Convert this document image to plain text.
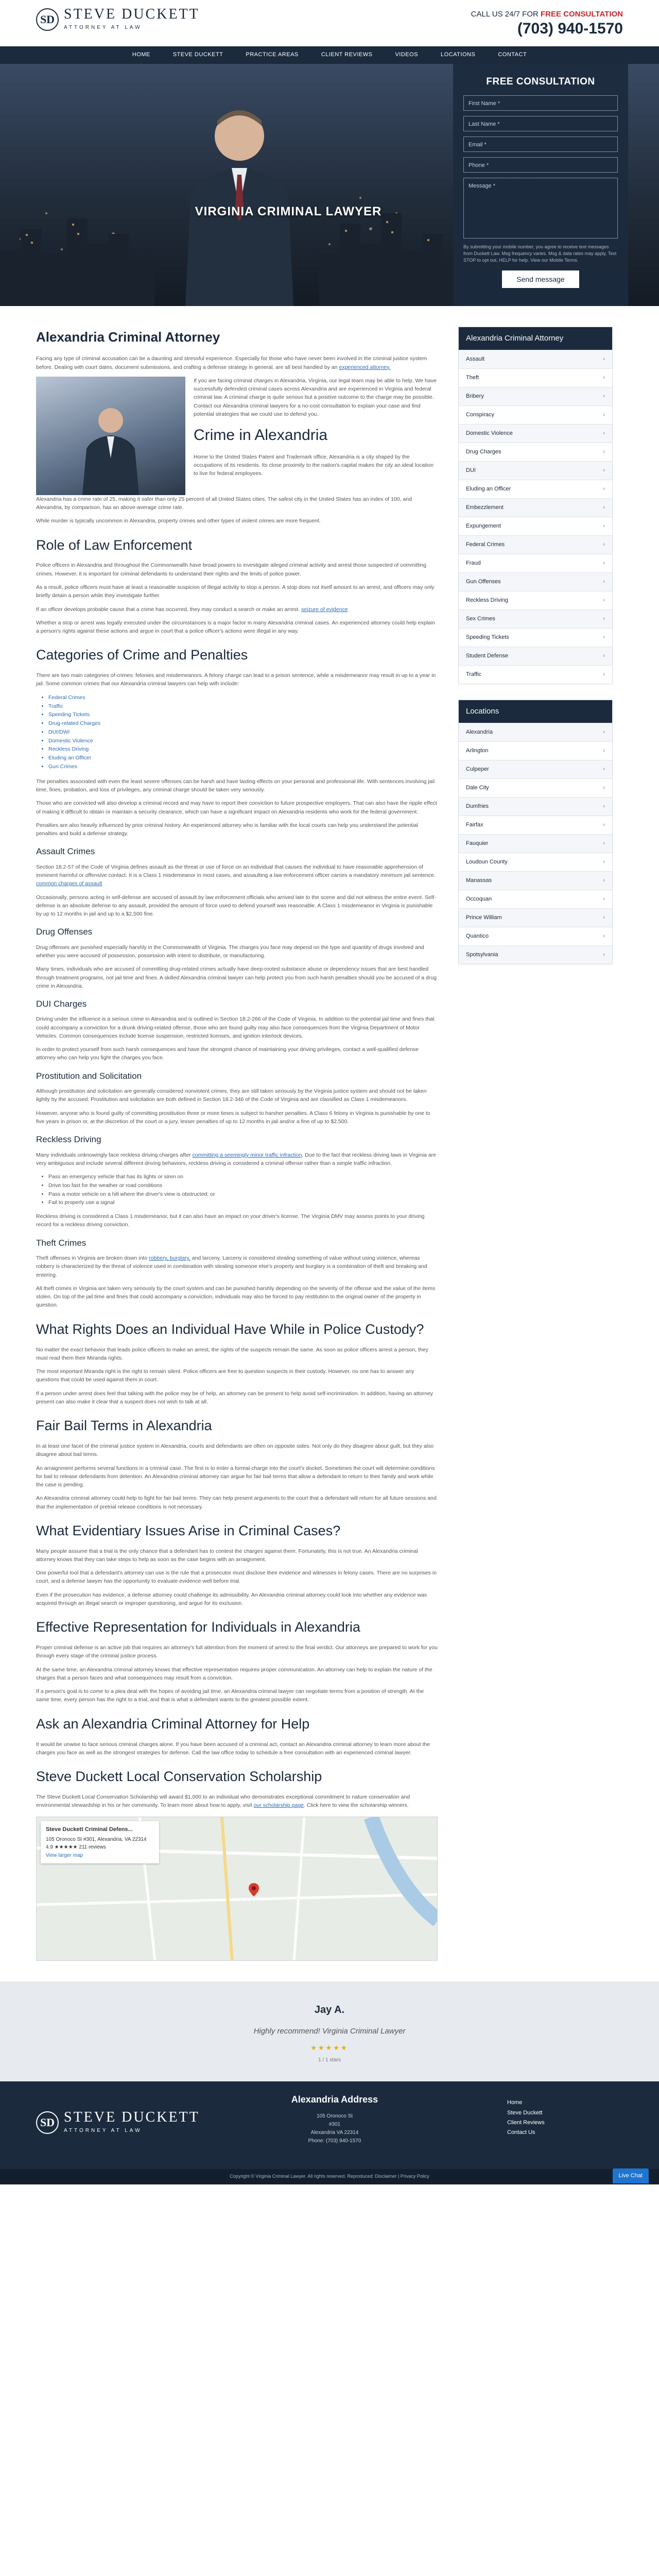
SD STEVE DUCKETT
ATTORNEY AT LAW
CALL US 24/7 FOR FREE CONSULTATION
(703) 940-1570
HOME	STEVE DUCKETT	PRACTICE AREAS	CLIENT REVIEWS	VIDEOS	LOCATIONS	CONTACT
VIRGINIA CRIMINAL LAWYER
FREE CONSULTATION
First Name *
Last Name *
Email *
Phone *
Message *
By submitting your mobile number, you agree to receive text messages from Duckett Law. Msg frequency varies. Msg & data rates may apply. Text STOP to opt out, HELP for help. View our Mobile Terms.
Send message
Alexandria Criminal Attorney

Facing any type of criminal accusation can be a daunting and stressful experience. Especially for those who have never been involved in the criminal justice system before. Dealing with court dates, document submissions, and crafting a defense strategy in general, are all best handled by an experienced attorney.

If you are facing criminal charges in Alexandria, Virginia, our legal team may be able to help. We have successfully defended criminal cases across Alexandria and are experienced in Virginia and federal criminal law. A criminal charge is quite serious but a positive outcome to the charge may be possible. Contact our Alexandria criminal lawyers for a no-cost consultation to explain your case and find potential strategies that we could use to defend you.

Crime in Alexandria

Home to the United States Patent and Trademark office, Alexandria is a city shaped by the occupations of its residents. Its close proximity to the nation's capital makes the city an ideal location to live for federal employees.

Alexandria has a crime rate of 25, making it safer than only 25 percent of all United States cities. The safest city in the United States has an index of 100, and Alexandria, by comparison, has an above-average crime rate.

While murder is typically uncommon in Alexandria, property crimes and other types of violent crimes are more frequent.

Role of Law Enforcement

Police officers in Alexandria and throughout the Commonwealth have broad powers to investigate alleged criminal activity and arrest those suspected of committing crimes. However, it is important for criminal defendants to understand their rights and the limits of police power.

As a result, police officers must have at least a reasonable suspicion of illegal activity to stop a person. A stop does not itself amount to an arrest, and officers may only briefly detain a person while they investigate further.

If an officer develops probable cause that a crime has occurred, they may conduct a search or make an arrest. seizure of evidence

Whether a stop or arrest was legally executed under the circumstances is a major factor in many Alexandria criminal cases. An experienced attorney could help explain a person's rights against these actions and argue in court that a police officer's actions were illegal in any way.

Categories of Crime and Penalties

There are two main categories of crimes: felonies and misdemeanors. A felony charge can lead to a prison sentence, while a misdemeanor may result in up to a year in jail. Some common crimes that our Alexandria criminal lawyers can help with include:

• Federal Crimes
• Traffic
• Speeding Tickets
• Drug-related Charges
• DUI/DWI
• Domestic Violence
• Reckless Driving
• Eluding an Officer
• Gun Crimes

The penalties associated with even the least severe offenses can be harsh and have lasting effects on your personal and professional life. With sentences involving jail time, fines, probation, and loss of privileges, any criminal charge should be taken very seriously.

Those who are convicted will also develop a criminal record and may have to report their conviction to future prospective employers. That can also have the ripple effect of making it difficult to obtain or maintain a security clearance, which can have a significant impact on Alexandria residents who work for the federal government.

Penalties are also heavily influenced by prior criminal history. An experienced attorney who is familiar with the local courts can help you understand the potential penalties and build a defense strategy.

Assault Crimes

Section 18.2-57 of the Code of Virginia defines assault as the threat or use of force on an individual that causes the individual to have reasonable apprehension of imminent harmful or offensive contact. It is a Class 1 misdemeanor in most cases, and assaulting a law enforcement officer carries a mandatory minimum jail sentence. common charges of assault

Occasionally, persons acting in self-defense are accused of assault by law enforcement officials who arrived late to the scene and did not witness the entire event. Self-defense is an absolute defense to any assault, provided the amount of force used to defend yourself was reasonable. A Class 1 misdemeanor in Virginia is punishable by up to 12 months in jail and up to a $2,500 fine.

Drug Offenses

Drug offenses are punished especially harshly in the Commonwealth of Virginia. The charges you face may depend on the type and quantity of drugs involved and whether you were accused of possession, possession with intent to distribute, or manufacturing.

Many times, individuals who are accused of committing drug-related crimes actually have deep-rooted substance abuse or dependency issues that are best handled through treatment programs, not jail time and fines. A skilled Alexandria criminal lawyer can help protect you from such harsh penalties should you be accused of a drug crime in Alexandria.

DUI Charges

Driving under the influence is a serious crime in Alexandria and is outlined in Section 18.2-266 of the Code of Virginia. In addition to the potential jail time and fines that could accompany a conviction for a drunk driving-related offense, those who are found guilty may also face consequences from the Virginia Department of Motor Vehicles. Common consequences include license suspension, restricted licenses, and ignition interlock devices.

In order to protect yourself from such harsh consequences and have the strongest chance of maintaining your driving privileges, contact a well-qualified defense attorney who can help you fight the charges you face.

Prostitution and Solicitation

Although prostitution and solicitation are generally considered nonviolent crimes, they are still taken seriously by the Virginia justice system and should not be taken lightly by the accused. Prostitution and solicitation are both defined in Section 18.2-346 of the Code of Virginia and are classified as Class 1 misdemeanors.

However, anyone who is found guilty of committing prostitution three or more times is subject to harsher penalties. A Class 6 felony in Virginia is punishable by one to five years in prison or, at the discretion of the court or a jury, lesser penalties of up to 12 months in jail and/or a fine of up to $2,500.

Reckless Driving

Many individuals unknowingly face reckless driving charges after committing a seemingly minor traffic infraction. Due to the fact that reckless driving laws in Virginia are very ambiguous and include several different driving behaviors, reckless driving is considered a criminal offense rather than a simple traffic infraction.

• Pass an emergency vehicle that has its lights or siren on
• Drive too fast for the weather or road conditions
• Pass a motor vehicle on a hill where the driver's view is obstructed; or
• Fail to properly use a signal

Reckless driving is considered a Class 1 misdemeanor, but it can also have an impact on your driver's license. The Virginia DMV may assess points to your driving record for a reckless driving conviction.

Theft Crimes

Theft offenses in Virginia are broken down into robbery, burglary, and larceny. Larceny is considered stealing something of value without using violence, whereas robbery is characterized by the threat of violence used in combination with stealing someone else's property and burglary is a combination of theft and breaking and entering.

All theft crimes in Virginia are taken very seriously by the court system and can be punished harshly depending on the severity of the offense and the value of the items stolen. On top of the jail time and fines that could accompany a conviction, individuals may also be forced to pay restitution to the original owner of the property in question.

What Rights Does an Individual Have While in Police Custody?

No matter the exact behavior that leads police officers to make an arrest, the rights of the suspects remain the same. As soon as police officers arrest a person, they must read them their Miranda rights.

The most important Miranda right is the right to remain silent. Police officers are free to question suspects in their custody. However, no one has to answer any questions that could be used against them in court.

If a person under arrest does feel that talking with the police may be of help, an attorney can be present to help avoid self-incrimination. In addition, having an attorney present can also make it clear that a suspect does not wish to talk at all.

Fair Bail Terms in Alexandria

In at least one facet of the criminal justice system in Alexandria, courts and defendants are often on opposite sides. Not only do they disagree about guilt, but they also disagree about bail terms.

An arraignment performs several functions in a criminal case. The first is to enter a formal charge into the court's docket. Sometimes the court will determine conditions for bail to release defendants from detention. An Alexandria criminal attorney can argue for fair bail terms that allow a defendant to return to their family and work while the case is pending.

An Alexandria criminal attorney could help to fight for fair bail terms. They can help present arguments to the court that a defendant will return for all future sessions and that the implementation of pretrial release conditions is not necessary.

What Evidentiary Issues Arise in Criminal Cases?

Many people assume that a trial is the only chance that a defendant has to contest the charges against them. Fortunately, this is not true. An Alexandria criminal attorney knows that they can take steps to help as soon as the case begins with an arraignment.

One powerful tool that a defendant's attorney can use is the rule that a prosecutor must disclose their evidence and witnesses in felony cases. There are no surprises in court, and a defense lawyer has the opportunity to evaluate evidence well before trial.

Even if the prosecution has evidence, a defense attorney could challenge its admissibility. An Alexandria criminal attorney could look into whether any evidence was acquired through an illegal search or improper questioning, and argue for its exclusion.

Effective Representation for Individuals in Alexandria

Proper criminal defense is an active job that requires an attorney's full attention from the moment of arrest to the final verdict. Our attorneys are prepared to work for you through every stage of the criminal justice process.

At the same time, an Alexandria criminal attorney knows that effective representation requires proper communication. An attorney can help to explain the nature of the charges that a person faces and what consequences may result from a conviction.

If a person's goal is to come to a plea deal with the hopes of avoiding jail time, an Alexandria criminal lawyer can negotiate terms from a position of strength. At the same time, every person has the right to a trial, and that is what a defendant wants to the greatest possible extent.

Ask an Alexandria Criminal Attorney for Help

It would be unwise to face serious criminal charges alone. If you have been accused of a criminal act, contact an Alexandria criminal attorney to learn more about the charges you face as well as the strongest strategies for defense. Call the law office today to schedule a free consultation with an experienced criminal lawyer.

Steve Duckett Local Conservation Scholarship

The Steve Duckett Local Conservation Scholarship will award $1,000 to an individual who demonstrates exceptional commitment to nature conservation and environmental stewardship in his or her community. To learn more about how to apply, visit our scholarship page. Click here to view the scholarship winners.

Steve Duckett Criminal Defens...
105 Oronoco St #301, Alexandria, VA 22314
4.9 ★★★★★ 211 reviews
View larger map
Alexandria Criminal Attorney
Assault	›
Theft	›
Bribery	›
Conspiracy	›
Domestic Violence	›
Drug Charges	›
DUI	›
Eluding an Officer	›
Embezzlement	›
Expungement	›
Federal Crimes	›
Fraud	›
Gun Offenses	›
Reckless Driving	›
Sex Crimes	›
Speeding Tickets	›
Student Defense	›
Traffic	›
Locations
Alexandria	›
Arlington	›
Culpeper	›
Dale City	›
Dumfries	›
Fairfax	›
Fauquier	›
Loudoun County	›
Manassas	›
Occoquan	›
Prince William	›
Quantico	›
Spotsylvania	›
Jay A.
Highly recommend! Virginia Criminal Lawyer
★★★★★
1 / 1 stars
SD STEVE DUCKETT
ATTORNEY AT LAW
Alexandria Address
105 Oronoco St
#301
Alexandria VA 22314
Phone: (703) 940-1570
Home
Steve Duckett
Client Reviews
Contact Us
Live Chat
Copyright © Virginia Criminal Lawyer. All rights reserved. Reproduced: Disclaimer | Privacy Policy
